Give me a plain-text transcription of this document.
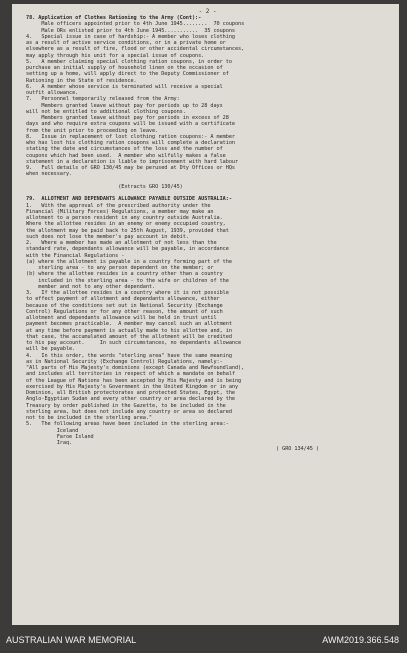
- 2 -
78. Application of Clothes Rationing to the Army (Cont):-
Male officers appointed prior to 4th June 1945........  70 coupons
Male ORs enlisted prior to 4th June 1945...........  35 coupons
4.   Special issue in case of hardship:- A member who loses clothing
as a result of active service conditions, or in a private home or
elsewhere as a result of fire, flood or other accidental circumstances,
may apply through his unit for a special issue of coupons.
5.   A member claiming special clothing ration coupons, in order to
purchase an initial supply of household linen on the occasion of
setting up a home, will apply direct to the Deputy Commissioner of
Rationing in the State of residence.
6.   A member whose service is terminated will receive a special
outfit allowance.
7.   Personnel temporarily released from the Army:
Members granted leave without pay for periods up to 28 days
will not be entitled to additional clothing coupons.
Members granted leave without pay for periods in excess of 28
days and who require extra coupons will be issued with a certificate
from the unit prior to proceeding on leave.
8.   Issue in replacement of lost clothing ration coupons:- A member
who has lost his clothing ration coupons will complete a declaration
stating the date and circumstances of the loss and the number of
coupons which had been used.  A member who wilfully makes a false
statement in a declaration is liable to imprisonment with hard labour
9.   Full details of GRO 130/45 may be perused at Dty Offices or HQs
when necessary.
(Extracts GRO 130/45)
79.  ALLOTMENT AND DEPENDANTS ALLOWANCE PAYABLE OUTSIDE AUSTRALIA:-
1.   With the approval of the prescribed authority under the
Financial (Military Forces) Regulations, a member may make an
allotment to a person resident in any country outside Australia.
Where the allottee resides in an enemy or enemy occupied country,
the allotment may be paid back to 25th August, 1939, provided that
such does not lose the member's pay account in debit.
2.   Where a member has made an allotment of not less than the
standard rate, dependants allowance will be payable, in accordance
with the Financial Regulations -
(a) where the allotment is payable in a country forming part of the
sterling area - to any person dependent on the member; or
(b) where the allottee resides in a country other than a country
included in the sterling area - to the wife or children of the
member and not to any other dependant.
3.   If the allottee resides in a country where it is not possible
to effect payment of allotment and dependants allowance, either
because of the conditions set out in National Security (Exchange
Control) Regulations or for any other reason, the amount of such
allotment and dependants allowance will be held in trust until
payment becomes practicable.  A member may cancel such an allotment
at any time before payment is actually made to his allottee and, in
that case, the accumulated amount of the allotment will be credited
to his pay account.     In such circumstances, no dependants allowance
will be payable.
4.   In this order, the words "sterling area" have the same meaning
as in National Security (Exchange Control) Regulations, namely:-
"All parts of His Majesty's dominions (except Canada and Newfoundland),
and includes all territories in respect of which a mandate on behalf
of the League of Nations has been accepted by His Majesty and is being
exercised by His Majesty's Government in the United Kingdom or in any
Dominion, all British protectorates and protected States, Egypt, the
Anglo-Egyptian Sudan and every other country or area declared by the
Treasury by order published in the Gazette, to be included in the
sterling area, but does not include any country or area so declared
not to be included in the sterling area."
5.   The following areas have been included in the sterling area:-
Iceland
Faroe Island
Iraq.
( GRO 134/45 )
AUSTRALIAN WAR MEMORIAL	AWM2019.366.548
